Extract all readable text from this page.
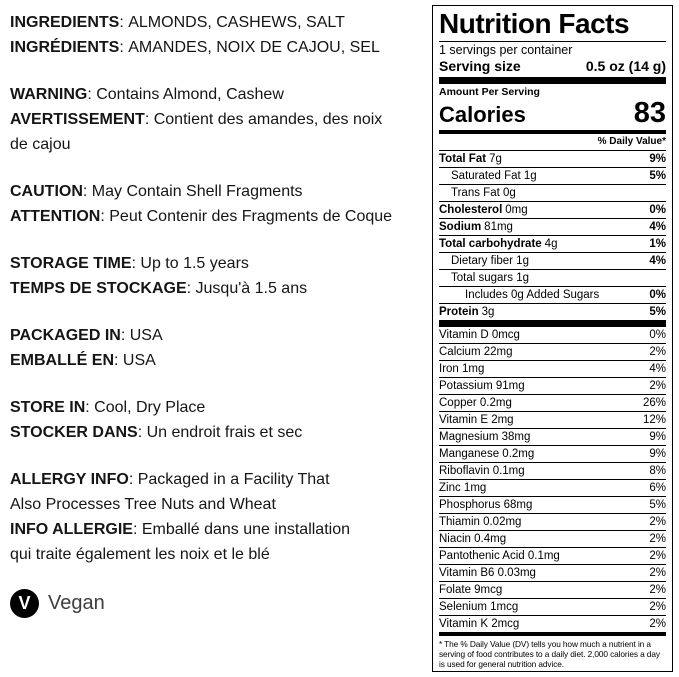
INGREDIENTS : ALMONDS, CASHEWS, SALT

INGRÉDIENTS : AMANDES, NOIX DE CAJOU, SEL

WARNING : Contains Almond, Cashew

AVERTISSEMENT : Contient des amandes, des noix

de cajou

CAUTION : May Contain Shell Fragments

ATTENTION : Peut Contenir des Fragments de Coque

STORAGE TIME : Up to 1.5 years

TEMPS DE STOCKAGE : Jusqu'à 1.5 ans

PACKAGED IN : USA

EMBALLÉ EN : USA

STORE IN : Cool, Dry Place

STOCKER DANS : Un endroit frais et sec

ALLERGY INFO : Packaged in a Facility That

Also Processes Tree Nuts and Wheat

INFO ALLERGIE : Emballé dans une installation

qui traite également les noix et le blé

V Vegan
Nutrition Facts
1 servings per container
Serving size	0.5 oz (14 g)
Amount Per Serving
Calories	83
% Daily Value*
Total Fat 7g	9%
Saturated Fat 1g	5%
Trans Fat 0g
Cholesterol 0mg	0%
Sodium 81mg	4%
Total carbohydrate 4g	1%
Dietary fiber 1g	4%
Total sugars 1g
Includes 0g Added Sugars	0%
Protein 3g	5%
Vitamin D 0mcg	0%
Calcium 22mg	2%
Iron 1mg	4%
Potassium 91mg	2%
Copper 0.2mg	26%
Vitamin E 2mg	12%
Magnesium 38mg	9%
Manganese 0.2mg	9%
Riboflavin 0.1mg	8%
Zinc 1mg	6%
Phosphorus 68mg	5%
Thiamin 0.02mg	2%
Niacin 0.4mg	2%
Pantothenic Acid 0.1mg	2%
Vitamin B6 0.03mg	2%
Folate 9mcg	2%
Selenium 1mcg	2%
Vitamin K 2mcg	2%
* The % Daily Value (DV) tells you how much a nutrient in a serving of food contributes to a daily diet. 2,000 calories a day is used for general nutrition advice.
